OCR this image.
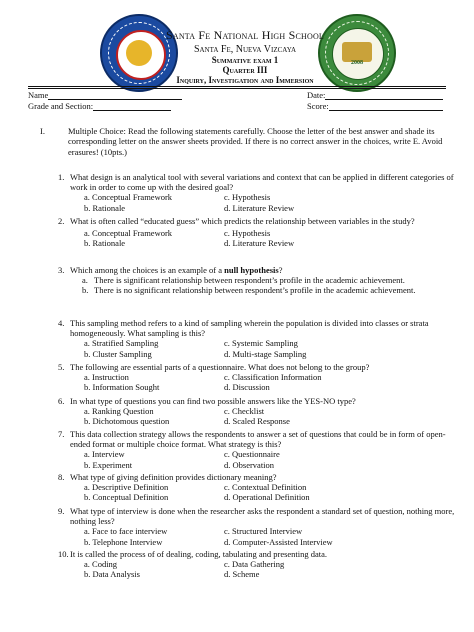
2008
Santa Fe National High School
Santa Fe, Nueva Vizcaya
Summative exam 1
Quarter III
Inquiry, Investigation and Immersion
Name	Date:
Grade and Section:	Score:
I.	Multiple Choice: Read the following statements carefully. Choose the letter of the best answer and shade its corresponding letter on the answer sheets provided. If there is no correct answer in the choices, write E. Avoid erasures! (10pts.)
1. What design is an analytical tool with several variations and context that can be applied in different categories of work in order to come up with the desired goal?
a. Conceptual Framework	c. Hypothesis
b. Rationale	d. Literature Review
2. What is often called “educated guess” which predicts the relationship between variables in the study?
a. Conceptual Framework	c. Hypothesis
b. Rationale	d. Literature Review
3. Which among the choices is an example of a null hypothesis?
a. There is significant relationship between respondent’s profile in the academic achievement.
b. There is no significant relationship between respondent’s profile in the academic achievement.
4. This sampling method refers to a kind of sampling wherein the population is divided into classes or strata homogeneously. What sampling is this?
a. Stratified Sampling	c. Systemic Sampling
b. Cluster Sampling	d. Multi-stage Sampling
5. The following are essential parts of a questionnaire. What does not belong to the group?
a. Instruction	c. Classification Information
b. Information Sought	d. Discussion
6. In what type of questions you can find two possible answers like the YES-NO type?
a. Ranking Question	c. Checklist
b. Dichotomous question	d. Scaled Response
7. This data collection strategy allows the respondents to answer a set of questions that could be in form of open-ended format or multiple choice format. What strategy is this?
a. Interview	c. Questionnaire
b. Experiment	d. Observation
8. What type of giving definition provides dictionary meaning?
a. Descriptive Definition	c. Contextual Definition
b. Conceptual Definition	d. Operational Definition
9. What type of interview is done when the researcher asks the respondent a standard set of question, nothing more, nothing less?
a. Face to face interview	c. Structured Interview
b. Telephone Interview	d. Computer-Assisted Interview
10. It is called the process of of dealing, coding, tabulating and presenting data.
a. Coding	c. Data Gathering
b. Data Analysis	d. Scheme
